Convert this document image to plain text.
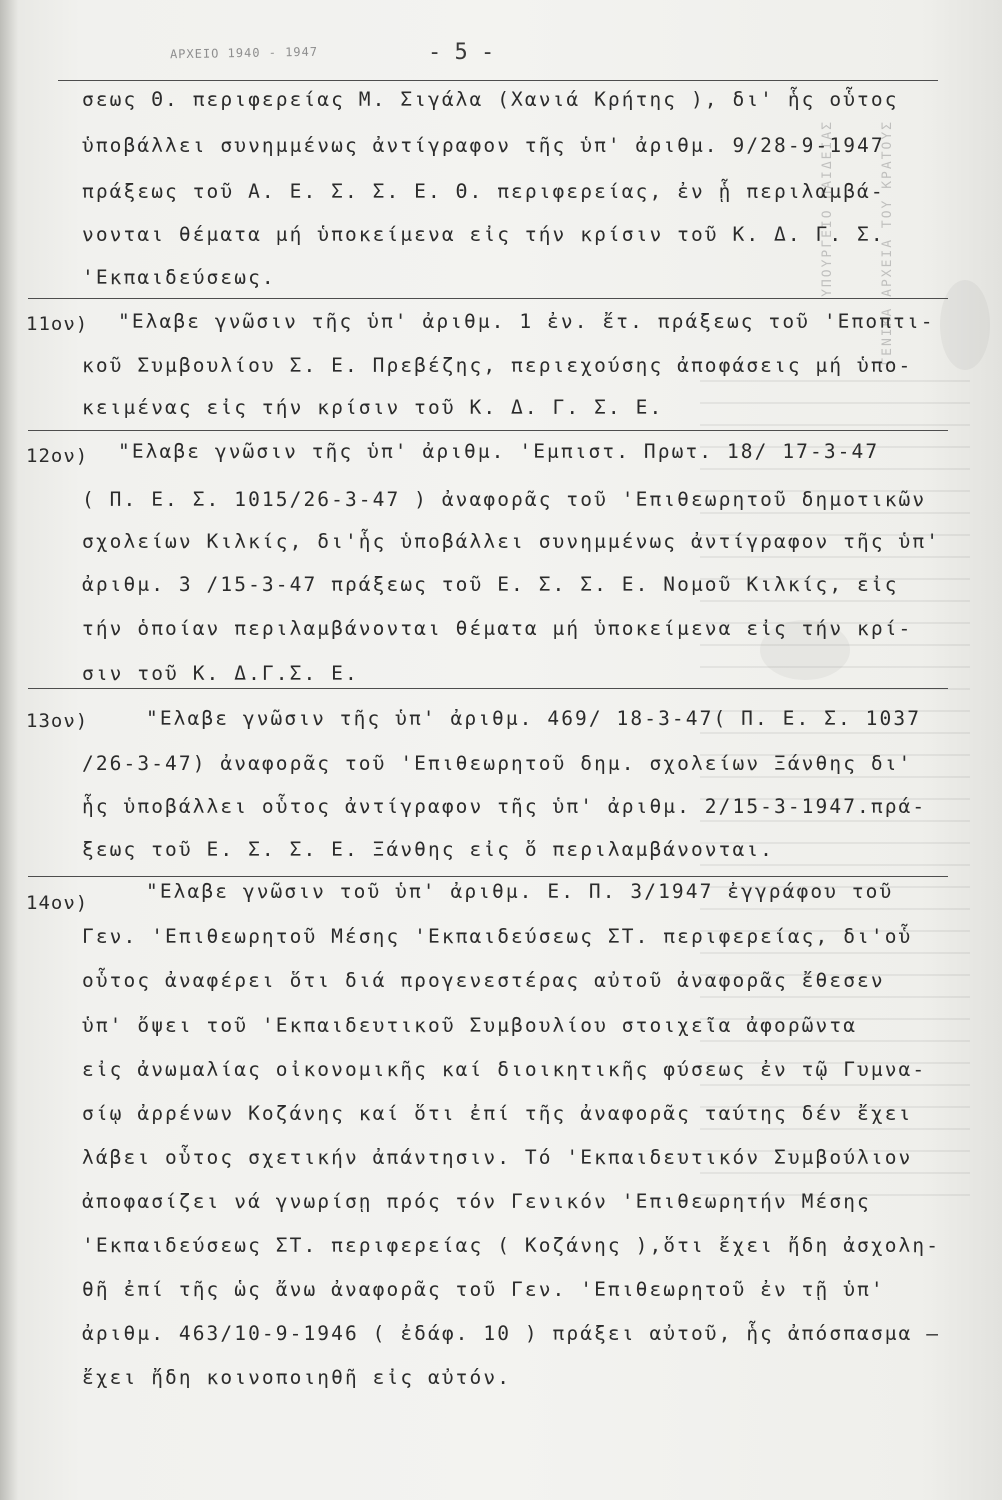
ΓΕΝΙΚΑ ΑΡΧΕΙΑ ΤΟΥ ΚΡΑΤΟΥΣ
ΥΠΟΥΡΓΕΙΟ ΠΑΙΔΕΙΑΣ
ΑΡΧΕΙΟ 1940 - 1947	- 5 -
σεως Θ. περιφερείας Μ. Σιγάλα (Χανιά Κρήτης ), δι' ἧς οὗτος
ὑποβάλλει συνημμένως ἀντίγραφον τῆς ὑπ' ἀριθμ. 9/28-9-1947
πράξεως τοῦ Α. Ε. Σ. Σ. Ε. Θ. περιφερείας, ἐν ᾗ περιλαμβά-
νονται θέματα μή ὑποκείμενα εἰς τήν κρίσιν τοῦ Κ. Δ. Γ. Σ.
'Εκπαιδεύσεως.
11ον) "Ελαβε γνῶσιν τῆς ὑπ' ἀριθμ. 1 ἐν. ἔτ. πράξεως τοῦ 'Εποπτι-
κοῦ Συμβουλίου Σ. Ε. Πρεβέζης, περιεχούσης ἀποφάσεις μή ὑπο-
κειμένας εἰς τήν κρίσιν τοῦ Κ. Δ. Γ. Σ. Ε.
12ον) "Ελαβε γνῶσιν τῆς ὑπ' ἀριθμ. 'Εμπιστ. Πρωτ. 18/ 17-3-47
( Π. Ε. Σ. 1015/26-3-47 ) ἀναφορᾶς τοῦ 'Επιθεωρητοῦ δημοτικῶν
σχολείων Κιλκίς, δι'ἧς ὑποβάλλει συνημμένως ἀντίγραφον τῆς ὑπ'
ἀριθμ. 3 /15-3-47 πράξεως τοῦ Ε. Σ. Σ. Ε. Νομοῦ Κιλκίς, εἰς
τήν ὁποίαν περιλαμβάνονται θέματα μή ὑποκείμενα εἰς τήν κρί-
σιν τοῦ Κ. Δ.Γ.Σ. Ε.
13ον)	"Ελαβε γνῶσιν τῆς ὑπ' ἀριθμ. 469/ 18-3-47( Π. Ε. Σ. 1037
/26-3-47) ἀναφορᾶς τοῦ 'Επιθεωρητοῦ δημ. σχολείων Ξάνθης δι'
ἧς ὑποβάλλει οὗτος ἀντίγραφον τῆς ὑπ' ἀριθμ. 2/15-3-1947.πρά-
ξεως τοῦ Ε. Σ. Σ. Ε. Ξάνθης εἰς ὅ περιλαμβάνονται.
14ον)	"Ελαβε γνῶσιν τοῦ ὑπ' ἀριθμ. Ε. Π. 3/1947 ἐγγράφου τοῦ
Γεν. 'Επιθεωρητοῦ Μέσης 'Εκπαιδεύσεως ΣΤ. περιφερείας, δι'οὗ
οὗτος ἀναφέρει ὅτι διά προγενεστέρας αὐτοῦ ἀναφορᾶς ἔθεσεν
ὑπ' ὄψει τοῦ 'Εκπαιδευτικοῦ Συμβουλίου στοιχεῖα ἀφορῶντα
εἰς ἀνωμαλίας οἰκονομικῆς καί διοικητικῆς φύσεως ἐν τῷ Γυμνα-
σίῳ ἀρρένων Κοζάνης καί ὅτι ἐπί τῆς ἀναφορᾶς ταύτης δέν ἔχει
λάβει οὗτος σχετικήν ἀπάντησιν. Τό 'Εκπαιδευτικόν Συμβούλιον
ἀποφασίζει νά γνωρίσῃ πρός τόν Γενικόν 'Επιθεωρητήν Μέσης
'Εκπαιδεύσεως ΣΤ. περιφερείας ( Κοζάνης ),ὅτι ἔχει ἤδη ἀσχολη-
θῆ ἐπί τῆς ὡς ἄνω ἀναφορᾶς τοῦ Γεν. 'Επιθεωρητοῦ ἐν τῇ ὑπ'
ἀριθμ. 463/10-9-1946 ( ἐδάφ. 10 ) πράξει αὐτοῦ, ἧς ἀπόσπασμα —
ἔχει ἤδη κοινοποιηθῆ εἰς αὐτόν.
